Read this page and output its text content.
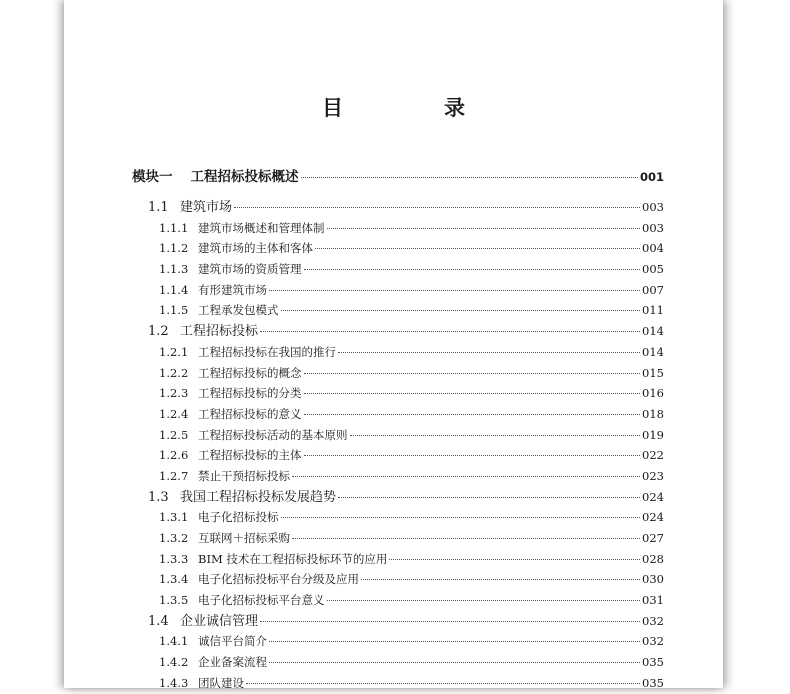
目　录
模块一 工程招标投标概述	001
1.1 建筑市场	003
1.1.1 建筑市场概述和管理体制	003
1.1.2 建筑市场的主体和客体	004
1.1.3 建筑市场的资质管理	005
1.1.4 有形建筑市场	007
1.1.5 工程承发包模式	011
1.2 工程招标投标	014
1.2.1 工程招标投标在我国的推行	014
1.2.2 工程招标投标的概念	015
1.2.3 工程招标投标的分类	016
1.2.4 工程招标投标的意义	018
1.2.5 工程招标投标活动的基本原则	019
1.2.6 工程招标投标的主体	022
1.2.7 禁止干预招标投标	023
1.3 我国工程招标投标发展趋势	024
1.3.1 电子化招标投标	024
1.3.2 互联网＋招标采购	027
1.3.3 BIM 技术在工程招标投标环节的应用	028
1.3.4 电子化招标投标平台分级及应用	030
1.3.5 电子化招标投标平台意义	031
1.4 企业诚信管理	032
1.4.1 诚信平台简介	032
1.4.2 企业备案流程	035
1.4.3 团队建设	035
